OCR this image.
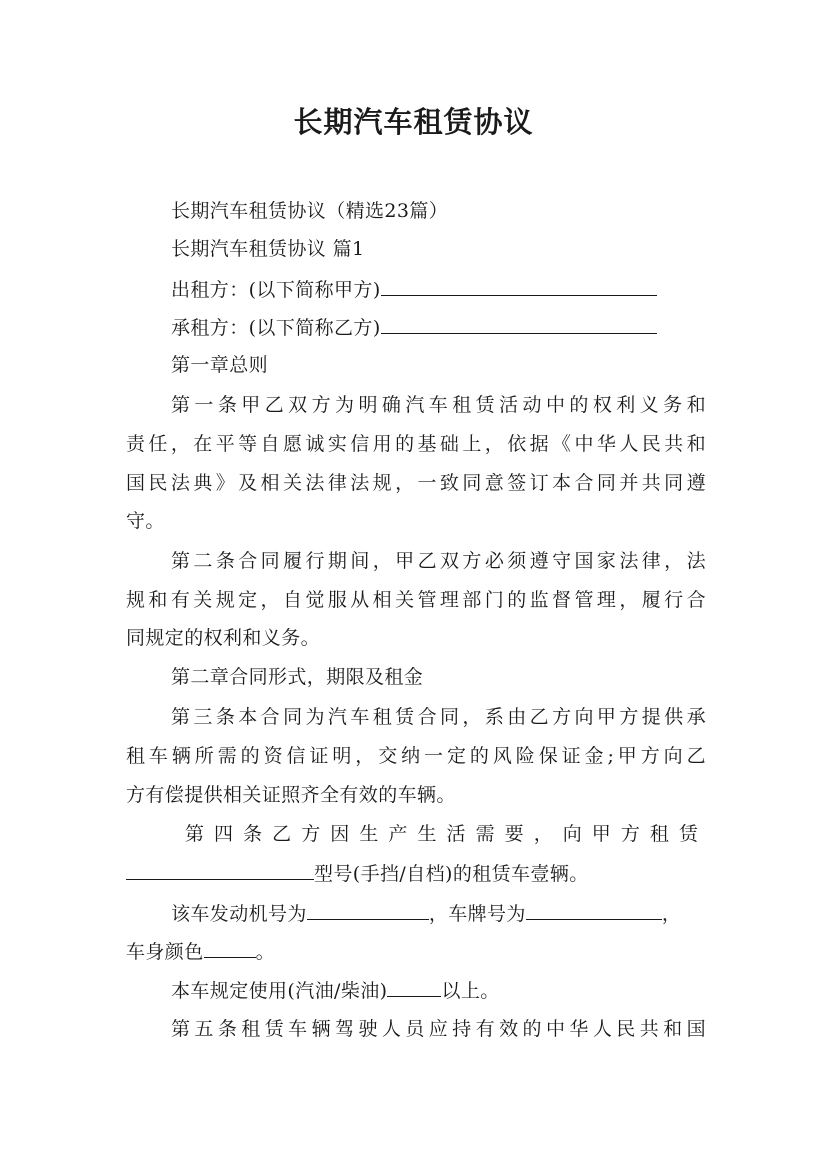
长期汽车租赁协议
长期汽车租赁协议（精选23篇）
长期汽车租赁协议 篇1
出租方：(以下简称甲方)
承租方：(以下简称乙方)
第一章总则
第一条甲乙双方为明确汽车租赁活动中的权利义务和
责任，在平等自愿诚实信用的基础上，依据《中华人民共和
国民法典》及相关法律法规，一致同意签订本合同并共同遵
守。
第二条合同履行期间，甲乙双方必须遵守国家法律，法
规和有关规定，自觉服从相关管理部门的监督管理，履行合
同规定的权利和义务。
第二章合同形式，期限及租金
第三条本合同为汽车租赁合同，系由乙方向甲方提供承
租车辆所需的资信证明，交纳一定的风险保证金;甲方向乙
方有偿提供相关证照齐全有效的车辆。
第四条乙方因生产生活需要，向甲方租赁
型号(手挡/自档)的租赁车壹辆。
该车发动机号为	，车牌号为	，
车身颜色	。
本车规定使用(汽油/柴油)	以上。
第五条租赁车辆驾驶人员应持有效的中华人民共和国
